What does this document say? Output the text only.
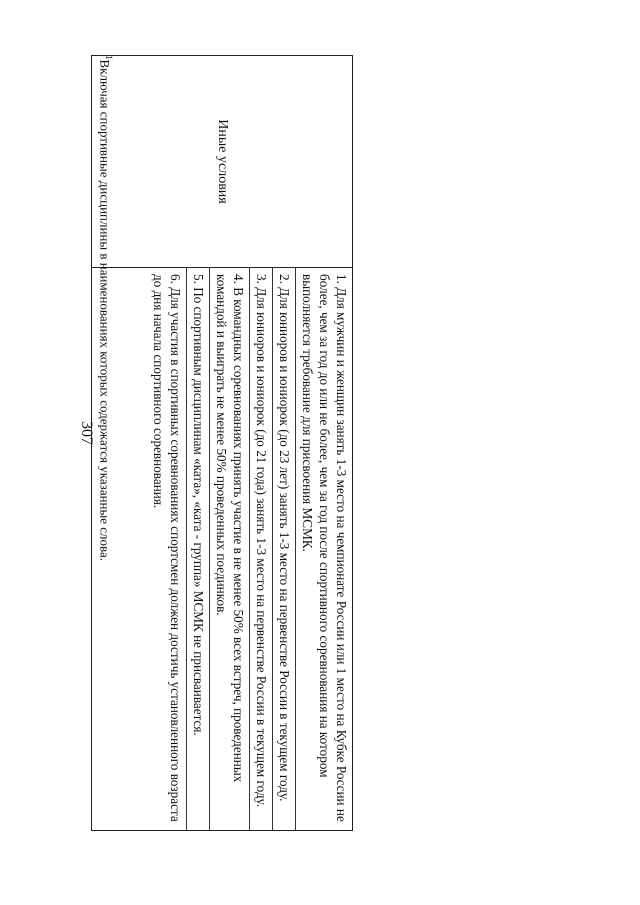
307
Иные условия
1. Для мужчин и женщин занять 1-3 место на чемпионате России или 1 место на Кубке России не более, чем за год до или не более, чем за год после спортивного соревнования на котором выполняется требование для присвоения МСМК.
2. Для юниоров и юниорок (до 23 лет) занять 1-3 место на первенстве России в текущем году.
3. Для юниоров и юниорок (до 21 года) занять 1-3 место на первенстве России в текущем году.
4. В командных соревнованиях принять участие в не менее 50% всех встреч, проведенных командой и выиграть не менее 50% проведенных поединков.
5. По спортивным дисциплинам «ката», «ката - группа» МСМК не присваивается.
6. Для участия в спортивных соревнованиях спортсмен должен достичь установленного возраста до дня начала спортивного соревнования.
$^1$Включая спортивные дисциплины в наименованиях которых содержатся указанные слова.
